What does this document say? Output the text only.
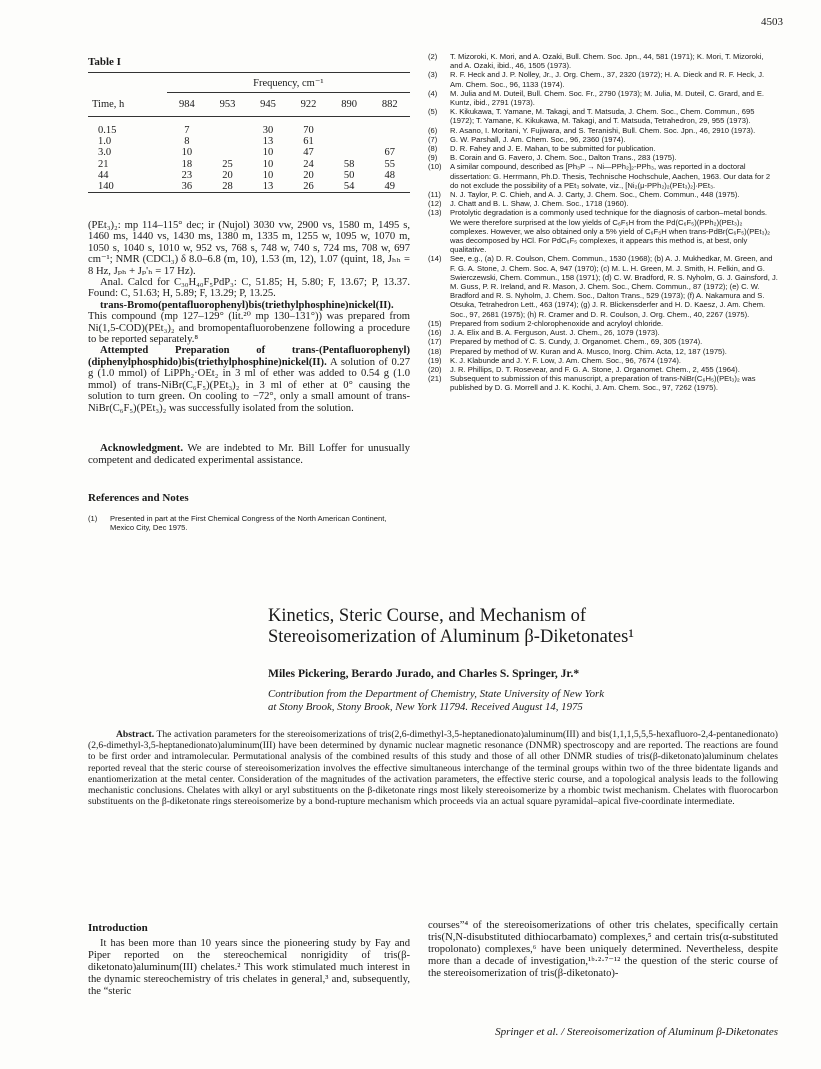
4503
Table I
	Frequency, cm⁻¹					
Time, h	984	953	945	922	890	882

0.15	7		30	70		
1.0	8		13	61		
3.0	10		10	47		67
21	18	25	10	24	58	55
44	23	20	10	20	50	48
140	36	28	13	26	54	49

(PEt₃)₂: mp 114–115° dec; ir (Nujol) 3030 vw, 2900 vs, 1580 m, 1495 s, 1460 ms, 1440 vs, 1430 ms, 1380 m, 1335 m, 1255 w, 1095 w, 1070 m, 1050 s, 1040 s, 1010 w, 952 vs, 768 s, 748 w, 740 s, 724 ms, 708 w, 697 cm⁻¹; NMR (CDCl₃) δ 8.0–6.8 (m, 10), 1.53 (m, 12), 1.07 (quint, 18, Jₕₕ = 8 Hz, Jₚₕ + Jₚ'ₕ = 17 Hz).

Anal. Calcd for C₃₀H₄₀F₅PdP₃: C, 51.85; H, 5.80; F, 13.67; P, 13.37. Found: C, 51.63; H, 5.89; F, 13.29; P, 13.25.

trans-Bromo(pentafluorophenyl)bis(triethylphosphine)nickel(II). This compound (mp 127–129° (lit.²⁰ mp 130–131°)) was prepared from Ni(1,5-COD)(PEt₃)₂ and bromopentafluorobenzene following a procedure to be reported separately.⁸

Attempted Preparation of trans-(Pentafluorophenyl)(diphenylphosphido)bis(triethylphosphine)nickel(II). A solution of 0.27 g (1.0 mmol) of LiPPh₂·OEt₂ in 3 ml of ether was added to 0.54 g (1.0 mmol) of trans-NiBr(C₆F₅)(PEt₃)₂ in 3 ml of ether at 0° causing the solution to turn green. On cooling to −72°, only a small amount of trans-NiBr(C₆F₅)(PEt₃)₂ was successfully isolated from the solution.

Acknowledgment. We are indebted to Mr. Bill Loffer for unusually competent and dedicated experimental assistance.
References and Notes
(1)	Presented in part at the First Chemical Congress of the North American Continent, Mexico City, Dec 1975.
(2)	T. Mizoroki, K. Mori, and A. Ozaki, Bull. Chem. Soc. Jpn., 44, 581 (1971); K. Mori, T. Mizoroki, and A. Ozaki, ibid., 46, 1505 (1973).
(3)	R. F. Heck and J. P. Nolley, Jr., J. Org. Chem., 37, 2320 (1972); H. A. Dieck and R. F. Heck, J. Am. Chem. Soc., 96, 1133 (1974).
(4)	M. Julia and M. Duteil, Bull. Chem. Soc. Fr., 2790 (1973); M. Julia, M. Duteil, C. Grard, and E. Kuntz, ibid., 2791 (1973).
(5)	K. Kikukawa, T. Yamane, M. Takagi, and T. Matsuda, J. Chem. Soc., Chem. Commun., 695 (1972); T. Yamane, K. Kikukawa, M. Takagi, and T. Matsuda, Tetrahedron, 29, 955 (1973).
(6)	R. Asano, I. Moritani, Y. Fujiwara, and S. Teranishi, Bull. Chem. Soc. Jpn., 46, 2910 (1973).
(7)	G. W. Parshall, J. Am. Chem. Soc., 96, 2360 (1974).
(8)	D. R. Fahey and J. E. Mahan, to be submitted for publication.
(9)	B. Corain and G. Favero, J. Chem. Soc., Dalton Trans., 283 (1975).
(10)	A similar compound, described as [Ph₃P → Ni—PPh₂]₂-PPh₃, was reported in a doctoral dissertation: G. Herrmann, Ph.D. Thesis, Technische Hochschule, Aachen, 1963. Our data for 2 do not exclude the possibility of a PEt₃ solvate, viz., [Ni₂(μ-PPh₂)₂(PEt₃)₂]·PEt₃.
(11)	N. J. Taylor, P. C. Chieh, and A. J. Carty, J. Chem. Soc., Chem. Commun., 448 (1975).
(12)	J. Chatt and B. L. Shaw, J. Chem. Soc., 1718 (1960).
(13)	Protolytic degradation is a commonly used technique for the diagnosis of carbon–metal bonds. We were therefore surprised at the low yields of C₆F₅H from the Pd(C₆F₅)(PPh₂)(PEt₃)₂ complexes. However, we also obtained only a 5% yield of C₆F₅H when trans-PdBr(C₆F₅)(PEt₃)₂ was decomposed by HCl. For PdC₆F₅ complexes, it appears this method is, at best, only qualitative.
(14)	See, e.g., (a) D. R. Coulson, Chem. Commun., 1530 (1968); (b) A. J. Mukhedkar, M. Green, and F. G. A. Stone, J. Chem. Soc. A, 947 (1970); (c) M. L. H. Green, M. J. Smith, H. Felkin, and G. Swierczewski, Chem. Commun., 158 (1971); (d) C. W. Bradford, R. S. Nyholm, G. J. Gainsford, J. M. Guss, P. R. Ireland, and R. Mason, J. Chem. Soc., Chem. Commun., 87 (1972); (e) C. W. Bradford and R. S. Nyholm, J. Chem. Soc., Dalton Trans., 529 (1973); (f) A. Nakamura and S. Otsuka, Tetrahedron Lett., 463 (1974); (g) J. R. Blickensderfer and H. D. Kaesz, J. Am. Chem. Soc., 97, 2681 (1975); (h) R. Cramer and D. R. Coulson, J. Org. Chem., 40, 2267 (1975).
(15)	Prepared from sodium 2-chlorophenoxide and acryloyl chloride.
(16)	J. A. Elix and B. A. Ferguson, Aust. J. Chem., 26, 1079 (1973).
(17)	Prepared by method of C. S. Cundy, J. Organomet. Chem., 69, 305 (1974).
(18)	Prepared by method of W. Kuran and A. Musco, Inorg. Chim. Acta, 12, 187 (1975).
(19)	K. J. Klabunde and J. Y. F. Low, J. Am. Chem. Soc., 96, 7674 (1974).
(20)	J. R. Phillips, D. T. Rosevear, and F. G. A. Stone, J. Organomet. Chem., 2, 455 (1964).
(21)	Subsequent to submission of this manuscript, a preparation of trans-NiBr(C₆H₅)(PEt₃)₂ was published by D. G. Morrell and J. K. Kochi, J. Am. Chem. Soc., 97, 7262 (1975).
Kinetics, Steric Course, and Mechanism of
Stereoisomerization of Aluminum β-Diketonates¹
Miles Pickering, Berardo Jurado, and Charles S. Springer, Jr.*
Contribution from the Department of Chemistry, State University of New York
at Stony Brook, Stony Brook, New York 11794. Received August 14, 1975
Abstract. The activation parameters for the stereoisomerizations of tris(2,6-dimethyl-3,5-heptanedionato)aluminum(III) and bis(1,1,1,5,5,5-hexafluoro-2,4-pentanedionato)(2,6-dimethyl-3,5-heptanedionato)aluminum(III) have been determined by dynamic nuclear magnetic resonance (DNMR) spectroscopy and are reported. The reactions are found to be first order and intramolecular. Permutational analysis of the combined results of this study and those of all other DNMR studies of tris(β-diketonato)aluminum chelates reported reveal that the steric course of stereoisomerization involves the effective simultaneous interchange of the terminal groups within two of the three bidentate ligands and enantiomerization at the metal center. Consideration of the magnitudes of the activation parameters, the effective steric course, and a topological analysis leads to the following mechanistic conclusions. Chelates with alkyl or aryl substituents on the β-diketonate rings most likely stereoisomerize by a rhombic twist mechanism. Chelates with fluorocarbon substituents on the β-diketonate rings stereoisomerize by a bond-rupture mechanism which proceeds via an actual square pyramidal–apical five-coordinate intermediate.
Introduction
It has been more than 10 years since the pioneering study by Fay and Piper reported on the stereochemical nonrigidity of tris(β-diketonato)aluminum(III) chelates.² This work stimulated much interest in the dynamic stereochemistry of tris chelates in general,³ and, subsequently, the “steric
courses”⁴ of the stereoisomerizations of other tris chelates, specifically certain tris(N,N-disubstituted dithiocarbamato) complexes,⁵ and certain tris(α-substituted tropolonato) complexes,⁶ have been uniquely determined. Nevertheless, despite more than a decade of investigation,¹ᵇ·²·⁷⁻¹² the question of the steric course of the stereoisomerization of tris(β-diketonato)-
Springer et al. / Stereoisomerization of Aluminum β-Diketonates
